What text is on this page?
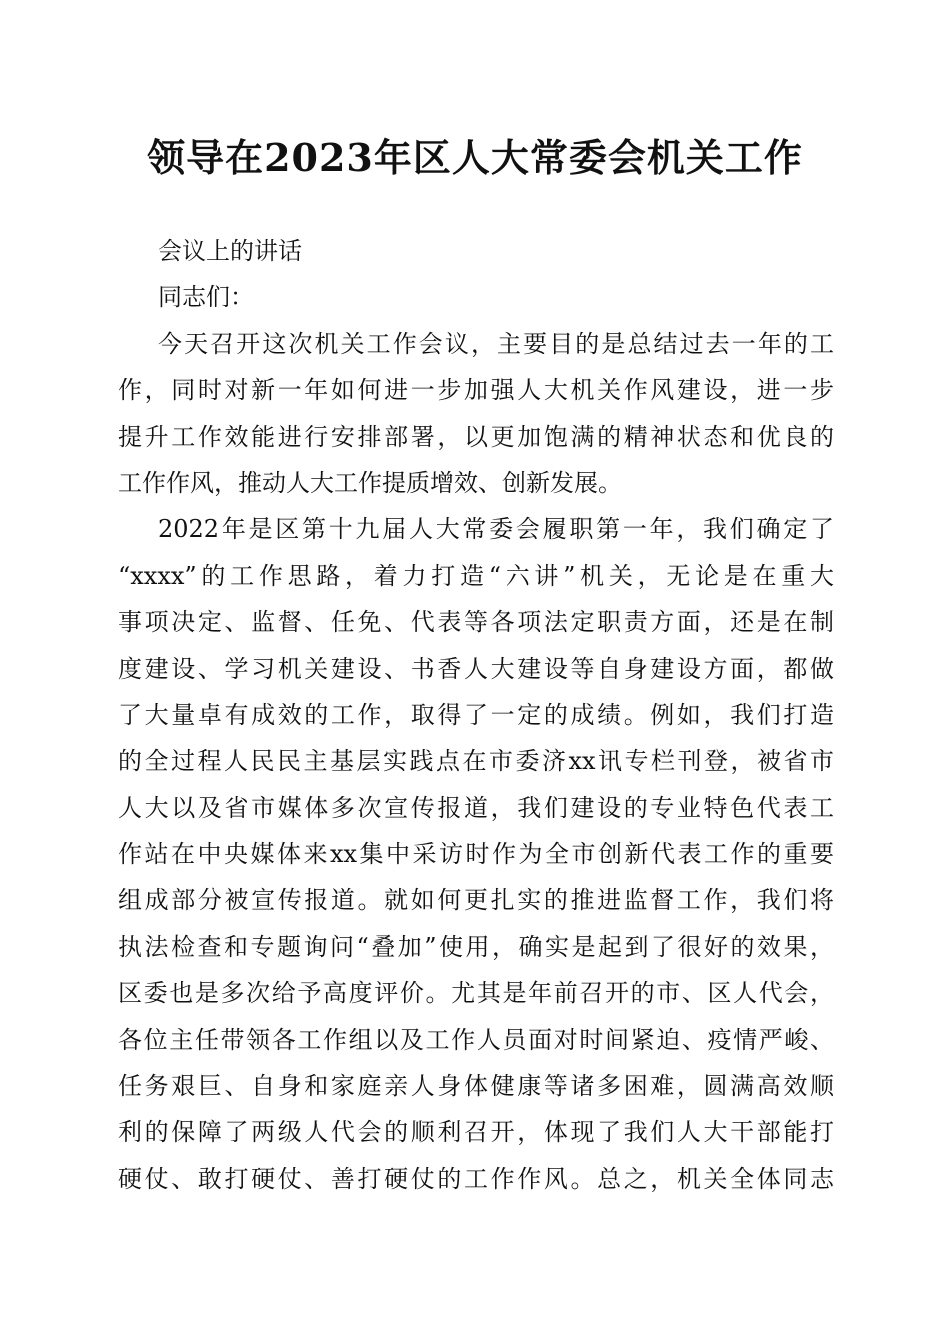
领导在2023年区人大常委会机关工作
会议上的讲话
同志们：
今天召开这次机关工作会议，主要目的是总结过去一年的工
作，同时对新一年如何进一步加强人大机关作风建设，进一步
提升工作效能进行安排部署，以更加饱满的精神状态和优良的
工作作风，推动人大工作提质增效、创新发展。
2022年是区第十九届人大常委会履职第一年，我们确定了
“xxxx”的工作思路，着力打造“六讲”机关，无论是在重大
事项决定、监督、任免、代表等各项法定职责方面，还是在制
度建设、学习机关建设、书香人大建设等自身建设方面，都做
了大量卓有成效的工作，取得了一定的成绩。例如，我们打造
的全过程人民民主基层实践点在市委济xx讯专栏刊登，被省市
人大以及省市媒体多次宣传报道，我们建设的专业特色代表工
作站在中央媒体来xx集中采访时作为全市创新代表工作的重要
组成部分被宣传报道。就如何更扎实的推进监督工作，我们将
执法检查和专题询问“叠加”使用，确实是起到了很好的效果，
区委也是多次给予高度评价。尤其是年前召开的市、区人代会，
各位主任带领各工作组以及工作人员面对时间紧迫、疫情严峻、
任务艰巨、自身和家庭亲人身体健康等诸多困难，圆满高效顺
利的保障了两级人代会的顺利召开，体现了我们人大干部能打
硬仗、敢打硬仗、善打硬仗的工作作风。总之，机关全体同志
